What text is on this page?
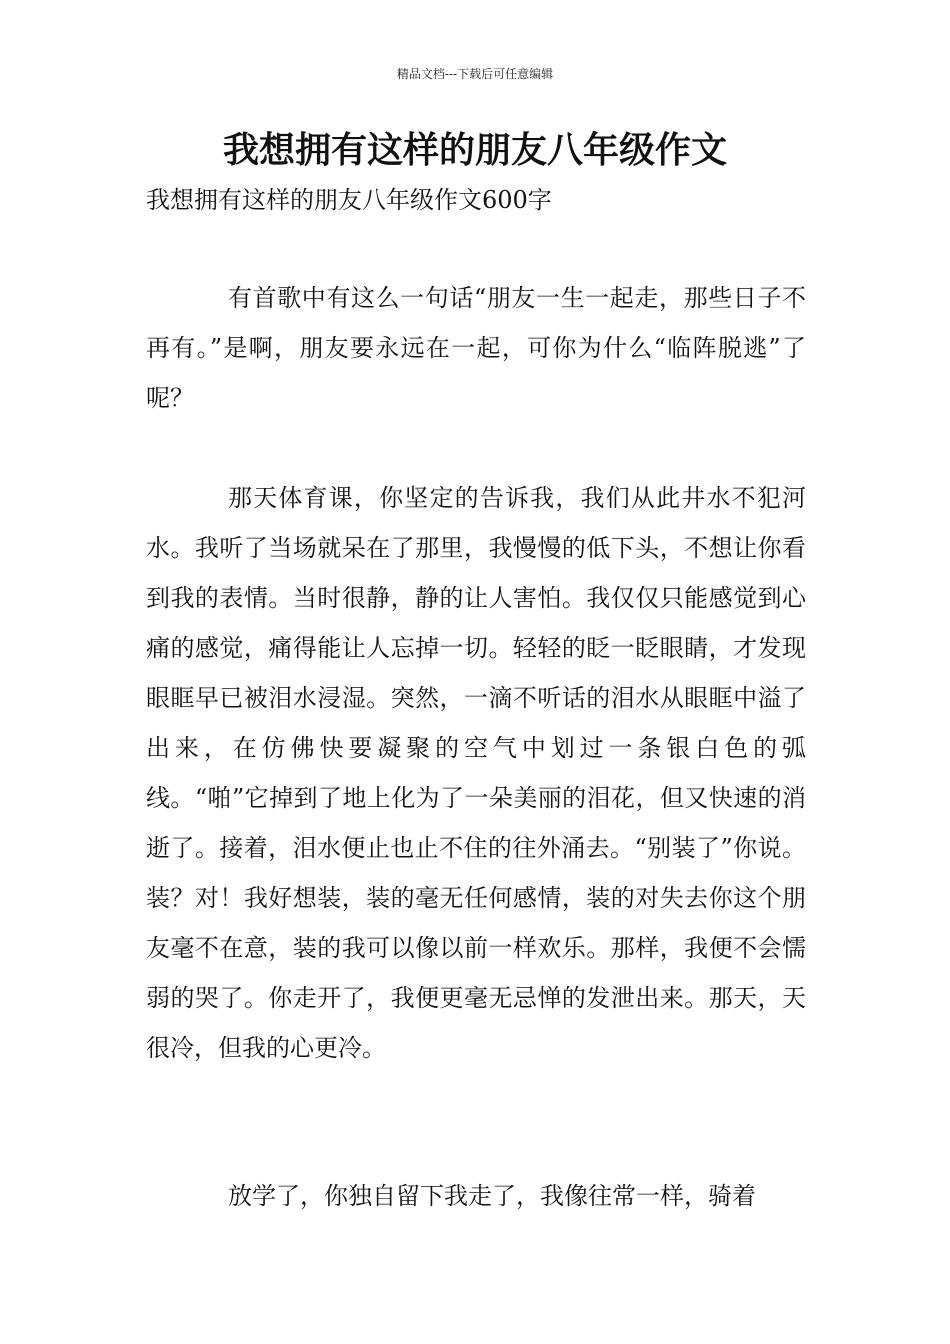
精品文档---下载后可任意编辑
我想拥有这样的朋友八年级作文
我想拥有这样的朋友八年级作文600字

有首歌中有这么一句话“朋友一生一起走，那些日子不再有。”是啊，朋友要永远在一起，可你为什么“临阵脱逃”了呢？

那天体育课，你坚定的告诉我，我们从此井水不犯河水。我听了当场就呆在了那里，我慢慢的低下头，不想让你看到我的表情。当时很静，静的让人害怕。我仅仅只能感觉到心痛的感觉，痛得能让人忘掉一切。轻轻的眨一眨眼睛，才发现眼眶早已被泪水浸湿。突然，一滴不听话的泪水从眼眶中溢了出来，在仿佛快要凝聚的空气中划过一条银白色的弧线。“啪”它掉到了地上化为了一朵美丽的泪花，但又快速的消逝了。接着，泪水便止也止不住的往外涌去。“别装了”你说。装？对！我好想装，装的毫无任何感情，装的对失去你这个朋友毫不在意，装的我可以像以前一样欢乐。那样，我便不会懦弱的哭了。你走开了，我便更毫无忌惮的发泄出来。那天，天很冷，但我的心更冷。

放学了，你独自留下我走了，我像往常一样，骑着
